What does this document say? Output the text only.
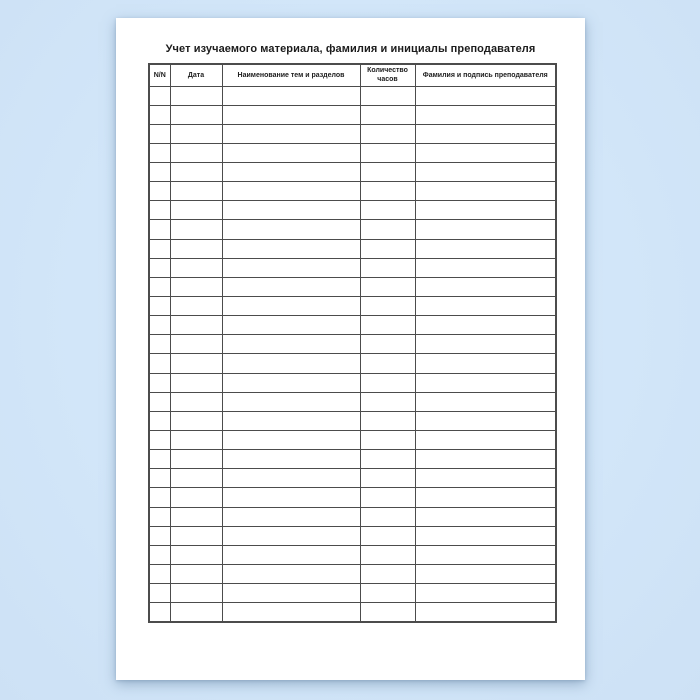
Учет изучаемого материала, фамилия и инициалы преподавателя
N/N	Дата	Наименование тем и разделов	Количество часов	Фамилия и подпись преподавателя
